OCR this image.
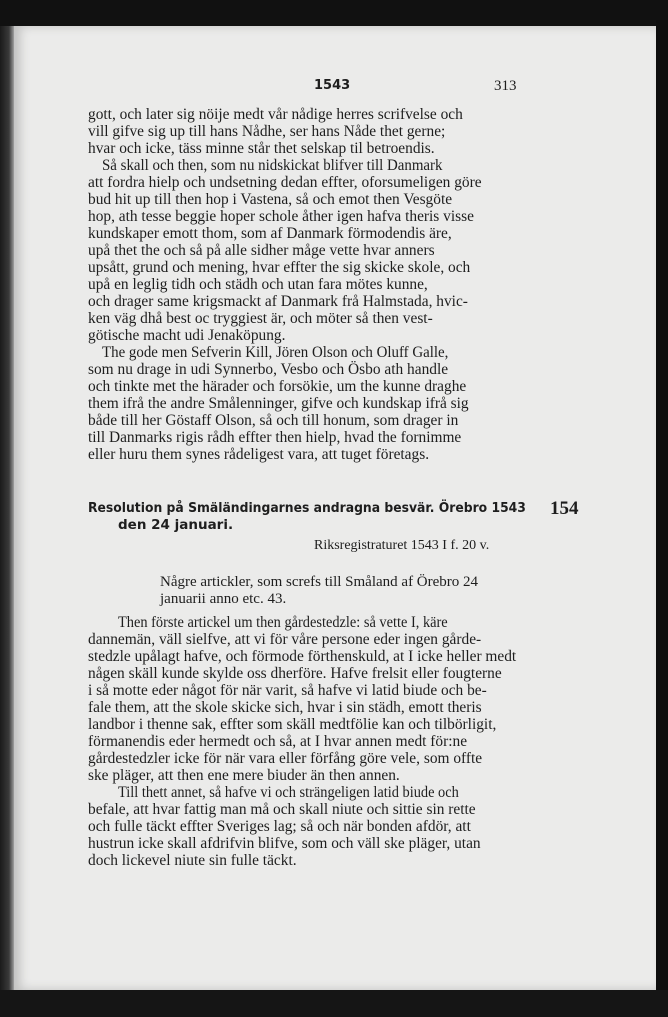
1543	313
gott, och later sig nöije medt vår nådige herres scrifvelse och
vill gifve sig up till hans Nådhe, ser hans Nåde thet gerne;
hvar och icke, täss minne står thet selskap til betroendis.
Så skall och then, som nu nidskickat blifver till Danmark
att fordra hielp och undsetning dedan effter, oforsumeligen göre
bud hit up till then hop i Vastena, så och emot then Vesgöte
hop, ath tesse beggie hoper schole åther igen hafva theris visse
kundskaper emott thom, som af Danmark förmodendis äre,
upå thet the och så på alle sidher måge vette hvar anners
upsått, grund och mening, hvar effter the sig skicke skole, och
upå en leglig tidh och städh och utan fara mötes kunne,
och drager same krigsmackt af Danmark frå Halmstada, hvic-
ken väg dhå best oc tryggiest är, och möter så then vest-
götische macht udi Jenaköpung.
The gode men Sefverin Kill, Jören Olson och Oluff Galle,
som nu drage in udi Synnerbo, Vesbo och Ösbo ath handle
och tinkte met the härader och forsökie, um the kunne draghe
them ifrå the andre Smålenninger, gifve och kundskap ifrå sig
både till her Göstaff Olson, så och till honum, som drager in
till Danmarks rigis rådh effter then hielp, hvad the fornimme
eller huru them synes rådeligest vara, att tuget företags.
Resolution på Smäländingarnes andragna besvär. Örebro 1543
den 24 januari.
154
Riksregistraturet 1543 I f. 20 v.
Någre artickler, som screfs till Småland af Örebro 24
januarii anno etc. 43.
Then förste artickel um then gårdestedzle: så vette I, käre
dannemän, väll sielfve, att vi för våre persone eder ingen gårde-
stedzle upålagt hafve, och förmode förthenskuld, at I icke heller medt
någen skäll kunde skylde oss dherföre. Hafve frelsit eller fougterne
i så motte eder något för när varit, så hafve vi latid biude och be-
fale them, att the skole skicke sich, hvar i sin städh, emott theris
landbor i thenne sak, effter som skäll medtfölie kan och tilbörligit,
förmanendis eder hermedt och så, at I hvar annen medt för:ne
gårdestedzler icke för när vara eller förfång göre vele, som offte
ske pläger, att then ene mere biuder än then annen.
Till thett annet, så hafve vi och strängeligen latid biude och
befale, att hvar fattig man må och skall niute och sittie sin rette
och fulle täckt effter Sveriges lag; så och när bonden afdör, att
hustrun icke skall afdrifvin blifve, som och väll ske pläger, utan
doch lickevel niute sin fulle täckt.
